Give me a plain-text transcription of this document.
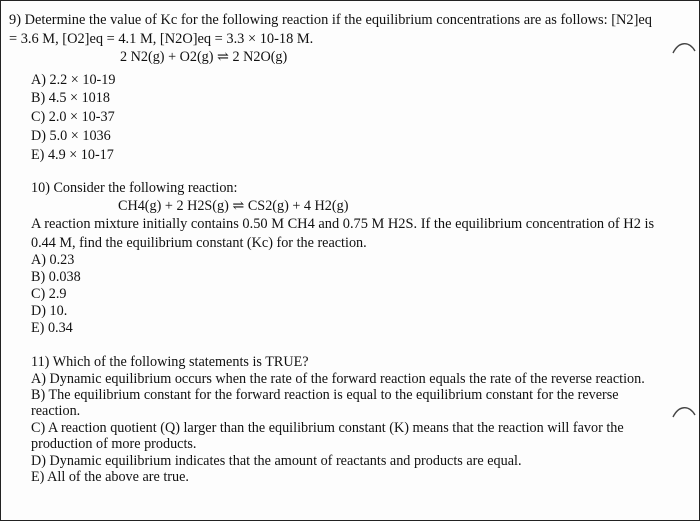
9) Determine the value of Kc for the following reaction if the equilibrium concentrations are as follows: [N2]eq
= 3.6 M, [O2]eq = 4.1 M, [N2O]eq = 3.3 × 10-18 M.
2 N2(g) + O2(g) ⇌ 2 N2O(g)
A) 2.2 × 10-19
B) 4.5 × 1018
C) 2.0 × 10-37
D) 5.0 × 1036
E) 4.9 × 10-17
10) Consider the following reaction:
CH4(g) + 2 H2S(g) ⇌ CS2(g) + 4 H2(g)
A reaction mixture initially contains 0.50 M CH4 and 0.75 M H2S. If the equilibrium concentration of H2 is
0.44 M, find the equilibrium constant (Kc) for the reaction.
A) 0.23
B) 0.038
C) 2.9
D) 10.
E) 0.34
11) Which of the following statements is TRUE?
A) Dynamic equilibrium occurs when the rate of the forward reaction equals the rate of the reverse reaction.
B) The equilibrium constant for the forward reaction is equal to the equilibrium constant for the reverse
reaction.
C) A reaction quotient (Q) larger than the equilibrium constant (K) means that the reaction will favor the
production of more products.
D) Dynamic equilibrium indicates that the amount of reactants and products are equal.
E) All of the above are true.
